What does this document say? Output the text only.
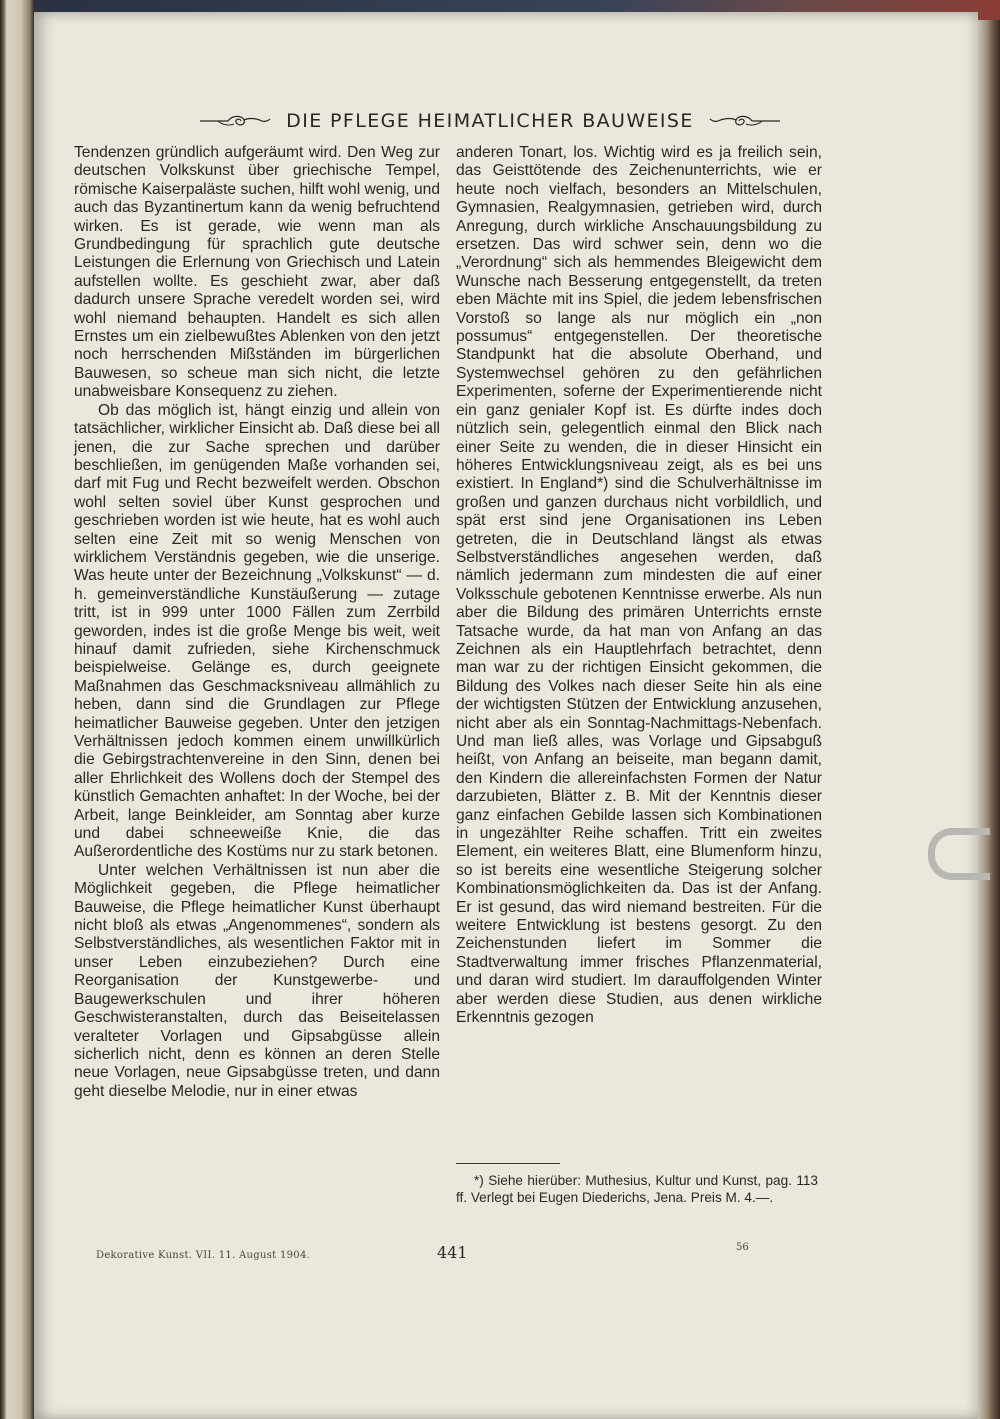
DIE PFLEGE HEIMATLICHER BAUWEISE

Tendenzen gründlich aufgeräumt wird. Den Weg zur deutschen Volkskunst über griechische Tempel, römische Kaiserpaläste suchen, hilft wohl wenig, und auch das Byzantinertum kann da wenig befruchtend wirken. Es ist gerade, wie wenn man als Grundbedingung für sprachlich gute deutsche Leistungen die Erlernung von Griechisch und Latein aufstellen wollte. Es geschieht zwar, aber daß dadurch unsere Sprache veredelt worden sei, wird wohl niemand behaupten. Handelt es sich allen Ernstes um ein zielbewußtes Ablenken von den jetzt noch herrschenden Mißständen im bürgerlichen Bauwesen, so scheue man sich nicht, die letzte unabweisbare Konsequenz zu ziehen.

Ob das möglich ist, hängt einzig und allein von tatsächlicher, wirklicher Einsicht ab. Daß diese bei all jenen, die zur Sache sprechen und darüber beschließen, im genügenden Maße vorhanden sei, darf mit Fug und Recht bezweifelt werden. Obschon wohl selten soviel über Kunst gesprochen und geschrieben worden ist wie heute, hat es wohl auch selten eine Zeit mit so wenig Menschen von wirklichem Verständnis gegeben, wie die unserige. Was heute unter der Bezeichnung „Volkskunst“ — d. h. gemeinverständliche Kunstäußerung — zutage tritt, ist in 999 unter 1000 Fällen zum Zerrbild geworden, indes ist die große Menge bis weit, weit hinauf damit zufrieden, siehe Kirchenschmuck beispielweise. Gelänge es, durch geeignete Maßnahmen das Geschmacksniveau allmählich zu heben, dann sind die Grundlagen zur Pflege heimatlicher Bauweise gegeben. Unter den jetzigen Verhältnissen jedoch kommen einem unwillkürlich die Gebirgstrachtenvereine in den Sinn, denen bei aller Ehrlichkeit des Wollens doch der Stempel des künstlich Gemachten anhaftet: In der Woche, bei der Arbeit, lange Beinkleider, am Sonntag aber kurze und dabei schneeweiße Knie, die das Außerordentliche des Kostüms nur zu stark betonen.

Unter welchen Verhältnissen ist nun aber die Möglichkeit gegeben, die Pflege heimatlicher Bauweise, die Pflege heimatlicher Kunst überhaupt nicht bloß als etwas „Angenommenes“, sondern als Selbstverständliches, als wesentlichen Faktor mit in unser Leben einzubeziehen? Durch eine Reorganisation der Kunstgewerbe- und Baugewerkschulen und ihrer höheren Geschwisteranstalten, durch das Beiseitelassen veralteter Vorlagen und Gipsabgüsse allein sicherlich nicht, denn es können an deren Stelle neue Vorlagen, neue Gipsabgüsse treten, und dann geht dieselbe Melodie, nur in einer etwas

anderen Tonart, los. Wichtig wird es ja freilich sein, das Geisttötende des Zeichenunterrichts, wie er heute noch vielfach, besonders an Mittelschulen, Gymnasien, Realgymnasien, getrieben wird, durch Anregung, durch wirkliche Anschauungsbildung zu ersetzen. Das wird schwer sein, denn wo die „Verordnung“ sich als hemmendes Bleigewicht dem Wunsche nach Besserung entgegenstellt, da treten eben Mächte mit ins Spiel, die jedem lebensfrischen Vorstoß so lange als nur möglich ein „non possumus“ entgegenstellen. Der theoretische Standpunkt hat die absolute Oberhand, und Systemwechsel gehören zu den gefährlichen Experimenten, soferne der Experimentierende nicht ein ganz genialer Kopf ist. Es dürfte indes doch nützlich sein, gelegentlich einmal den Blick nach einer Seite zu wenden, die in dieser Hinsicht ein höheres Entwicklungsniveau zeigt, als es bei uns existiert. In England*) sind die Schulverhältnisse im großen und ganzen durchaus nicht vorbildlich, und spät erst sind jene Organisationen ins Leben getreten, die in Deutschland längst als etwas Selbstverständliches angesehen werden, daß nämlich jedermann zum mindesten die auf einer Volksschule gebotenen Kenntnisse erwerbe. Als nun aber die Bildung des primären Unterrichts ernste Tatsache wurde, da hat man von Anfang an das Zeichnen als ein Hauptlehrfach betrachtet, denn man war zu der richtigen Einsicht gekommen, die Bildung des Volkes nach dieser Seite hin als eine der wichtigsten Stützen der Entwicklung anzusehen, nicht aber als ein Sonntag-Nachmittags-Nebenfach. Und man ließ alles, was Vorlage und Gipsabguß heißt, von Anfang an beiseite, man begann damit, den Kindern die allereinfachsten Formen der Natur darzubieten, Blätter z. B. Mit der Kenntnis dieser ganz einfachen Gebilde lassen sich Kombinationen in ungezählter Reihe schaffen. Tritt ein zweites Element, ein weiteres Blatt, eine Blumenform hinzu, so ist bereits eine wesentliche Steigerung solcher Kombinationsmöglichkeiten da. Das ist der Anfang. Er ist gesund, das wird niemand bestreiten. Für die weitere Entwicklung ist bestens gesorgt. Zu den Zeichenstunden liefert im Sommer die Stadtverwaltung immer frisches Pflanzenmaterial, und daran wird studiert. Im darauffolgenden Winter aber werden diese Studien, aus denen wirkliche Erkenntnis gezogen

*) Siehe hierüber: Muthesius, Kultur und Kunst, pag. 113 ff. Verlegt bei Eugen Diederichs, Jena. Preis M. 4.—.
Dekorative Kunst. VII. 11. August 1904.	441	56
